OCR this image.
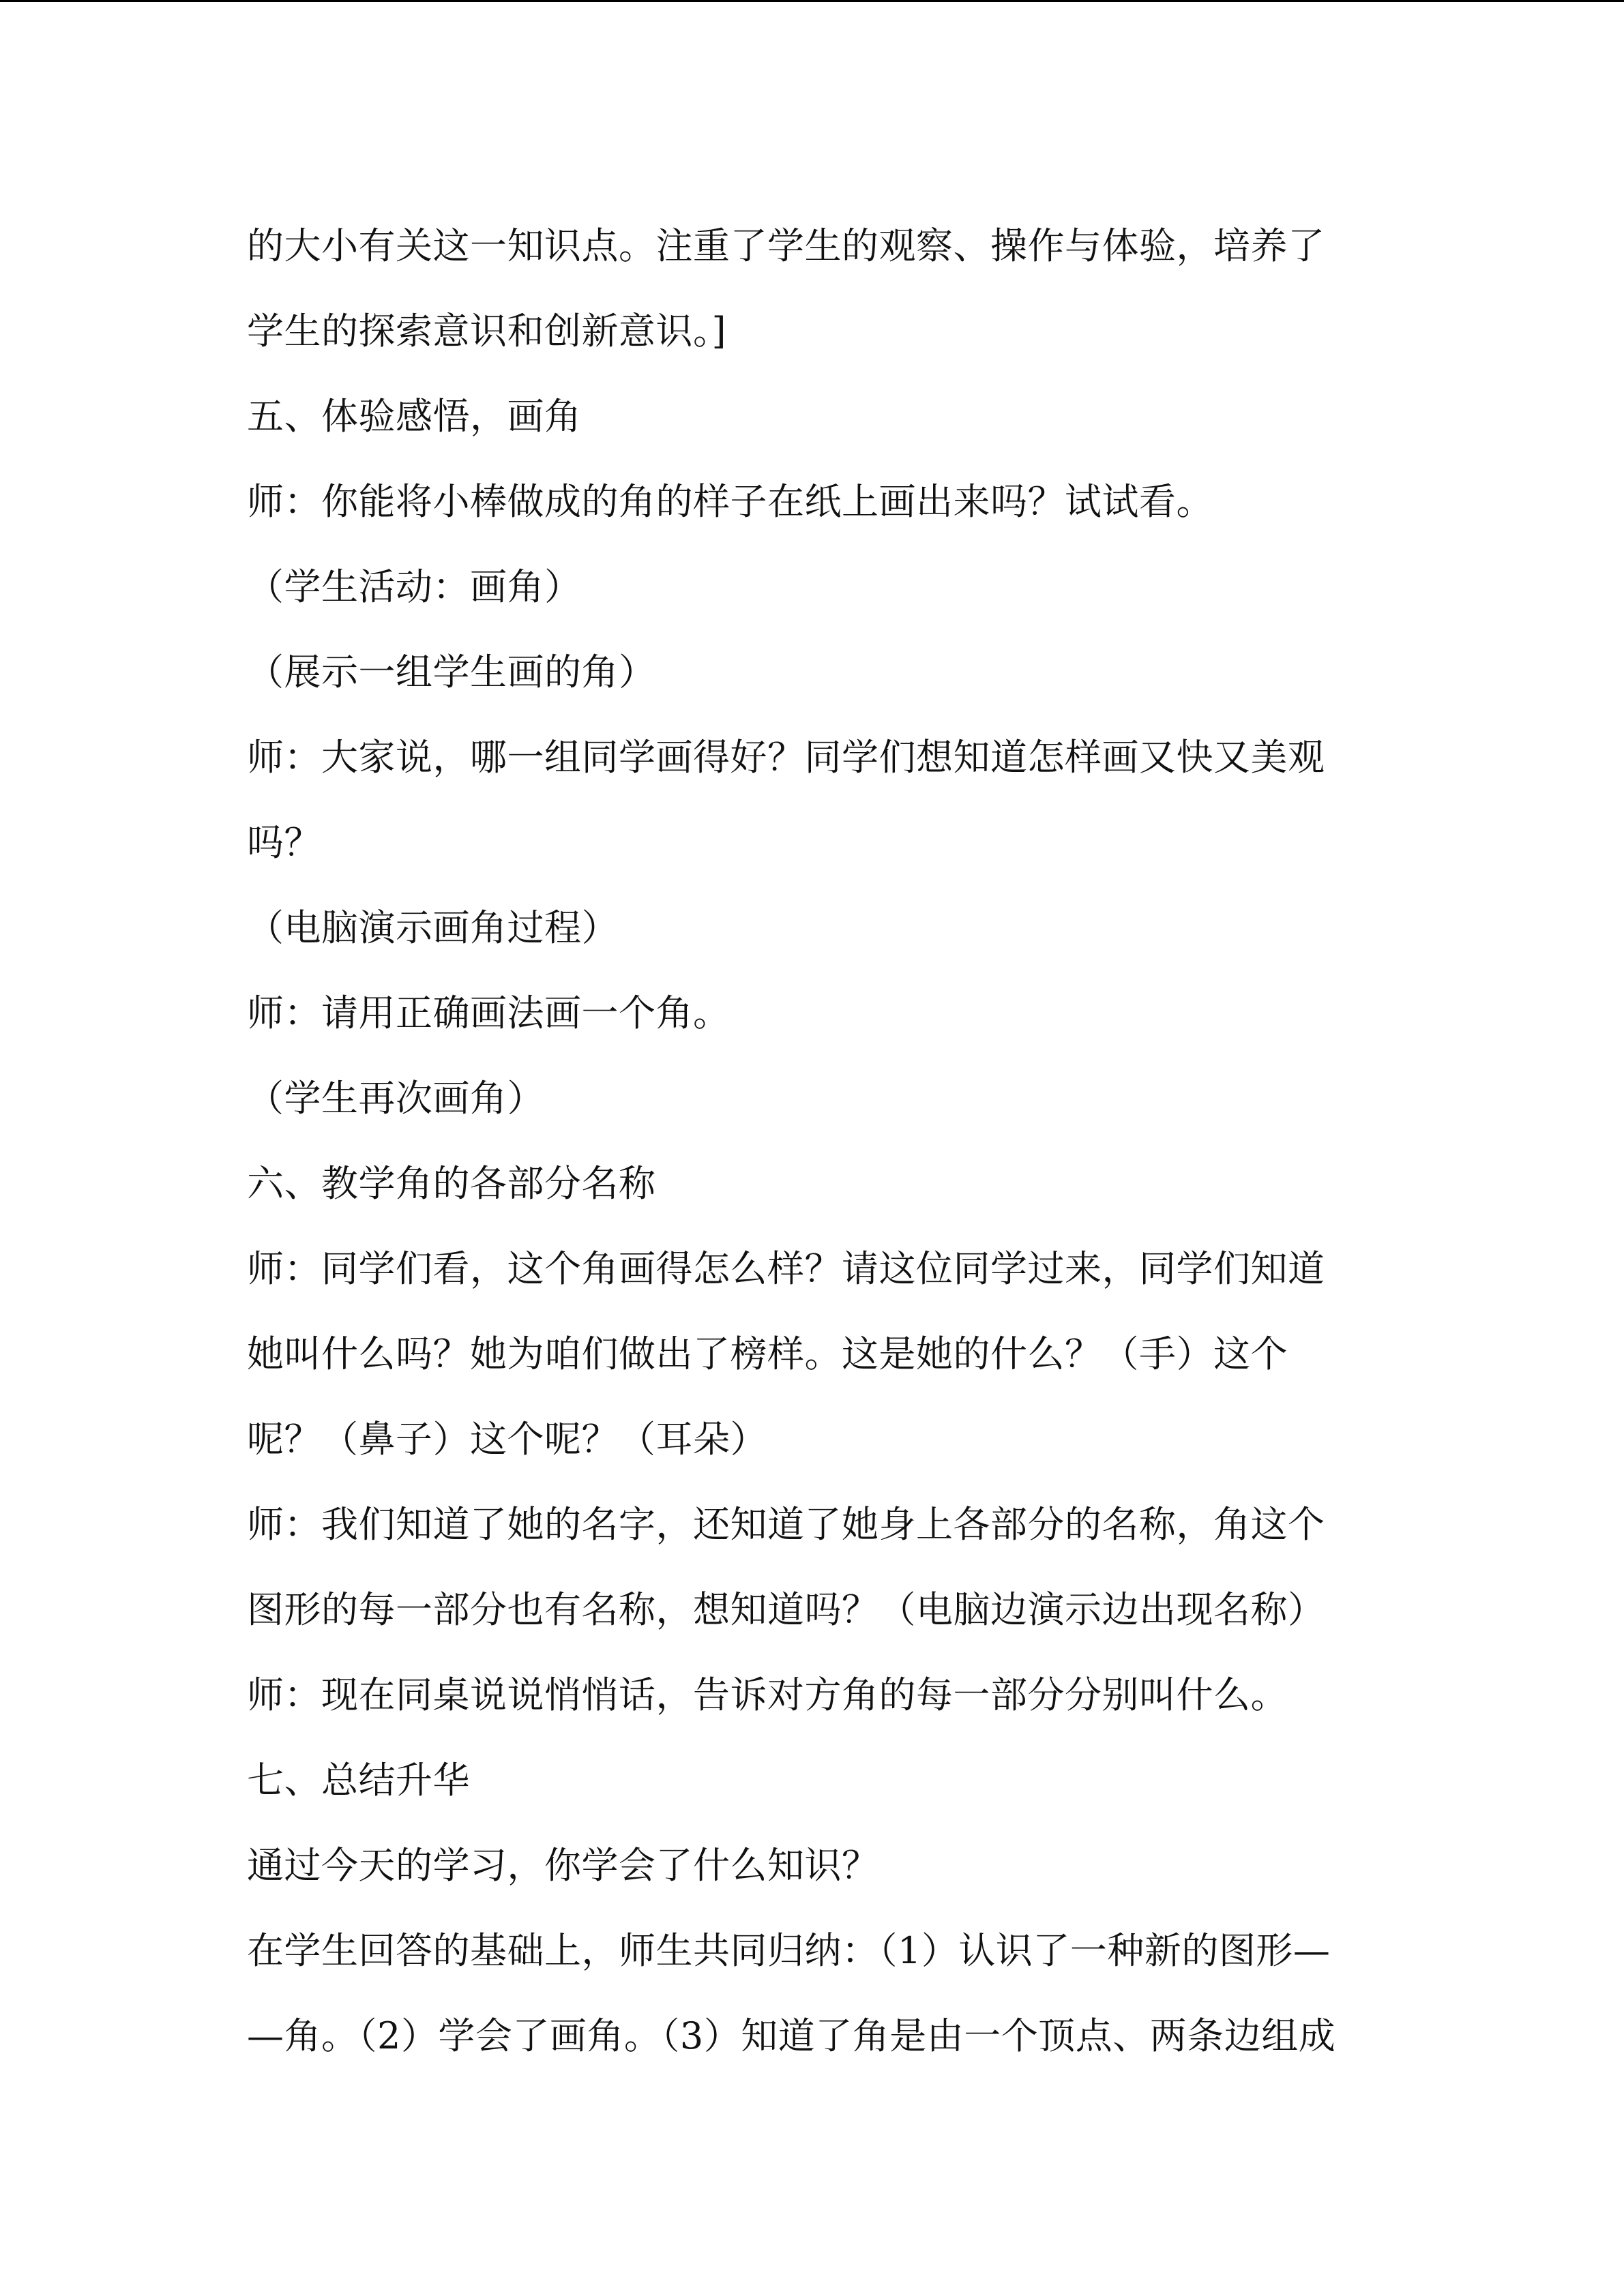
的大小有关这一知识点。注重了学生的观察、操作与体验，培养了
学生的探索意识和创新意识。]
五、体验感悟，画角
师：你能将小棒做成的角的样子在纸上画出来吗？试试看。
（学生活动：画角）
（展示一组学生画的角）
师：大家说，哪一组同学画得好？同学们想知道怎样画又快又美观
吗？
（电脑演示画角过程）
师：请用正确画法画一个角。
（学生再次画角）
六、教学角的各部分名称
师：同学们看，这个角画得怎么样？请这位同学过来，同学们知道
她叫什么吗？她为咱们做出了榜样。这是她的什么？（手）这个
呢？（鼻子）这个呢？（耳朵）
师：我们知道了她的名字，还知道了她身上各部分的名称，角这个
图形的每一部分也有名称，想知道吗？（电脑边演示边出现名称）
师：现在同桌说说悄悄话，告诉对方角的每一部分分别叫什么。
七、总结升华
通过今天的学习，你学会了什么知识？
在学生回答的基础上，师生共同归纳：（1）认识了一种新的图形—
—角。（2）学会了画角。（3）知道了角是由一个顶点、两条边组成
